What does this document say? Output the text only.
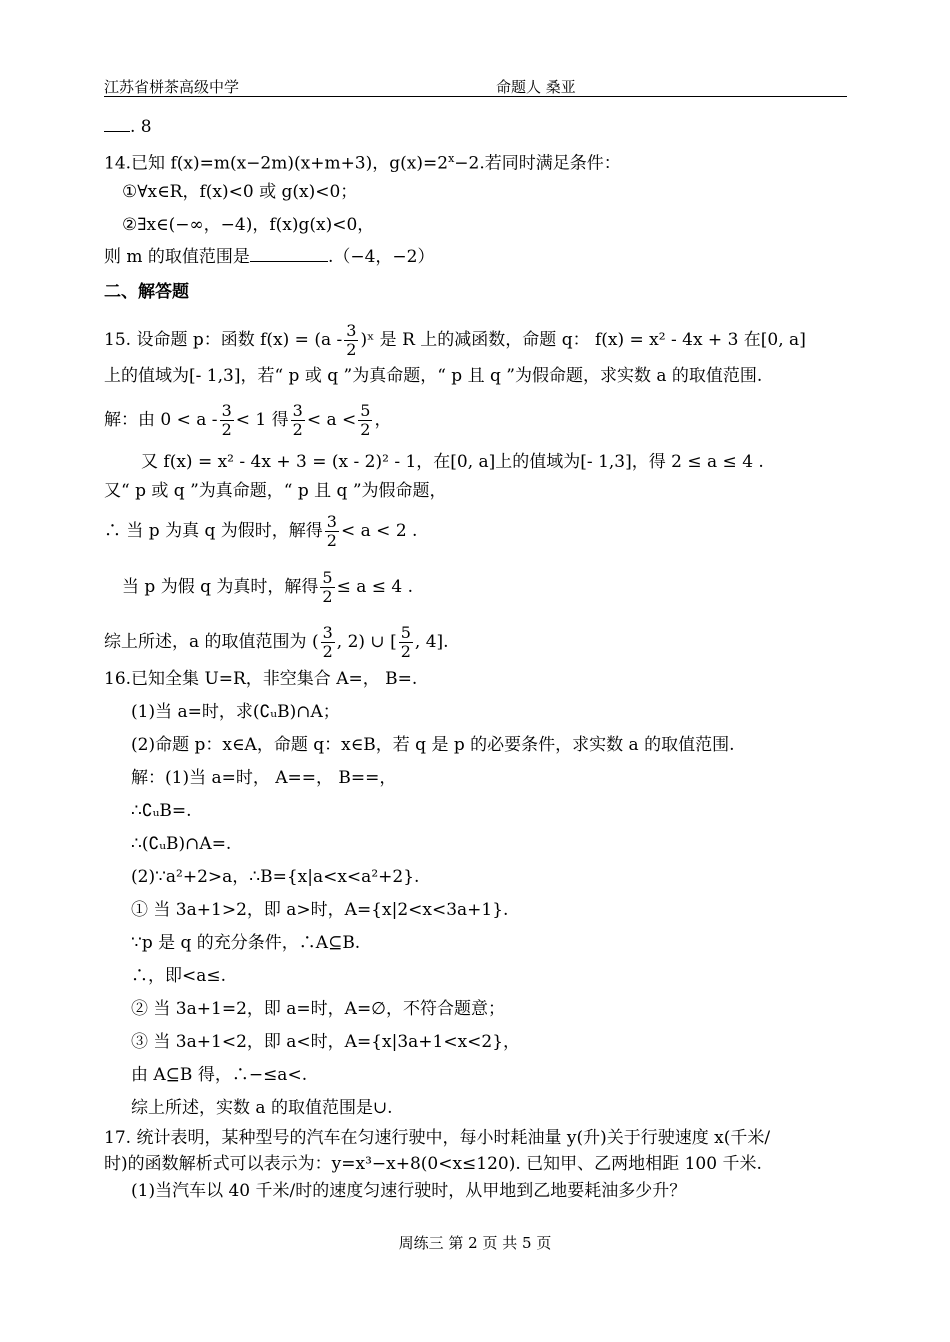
江苏省栟茶高级中学	命题人 桑亚
. 8
14.已知 f(x)=m(x−2m)(x+m+3)，$g(x)=2^x-2$.若同时满足条件：
①∀x∈R，f(x)<0 或 g(x)<0；
②∃x∈(−∞，−4)，f(x)g(x)<0，
则 m 的取值范围是	.（−4，−2）
二、解答题
15. 设命题 p：函数 $f(x) = (a - \frac{3}{2}$ )ˣ 是 R 上的减函数，命题 q： f(x) = x² - 4x + 3 在[0, a]
上的值域为[- 1,3]，若“ p 或 q ”为真命题，“ p 且 q ”为假命题，求实数 a 的取值范围.
解：由 $0 < a - \frac{3}{2} < 1$ 得 $\frac{3}{2} < a < \frac{5}{2}$ ，
又 f(x) = x² - 4x + 3 = (x - 2)² - 1，在[0, a]上的值域为[- 1,3]，得 2 ≤ a ≤ 4 .
又“ p 或 q ”为真命题，“ p 且 q ”为假命题，
∴ 当 p 为真 q 为假时，解得 $\frac{3}{2} < a < 2$ .
当 p 为假 q 为真时，解得 $\frac{5}{2} \le a \le 4$ .
综上所述，a 的取值范围为 ( $\frac{3}{2}$ , 2) ∪ [ $\frac{5}{2}$ , 4].
16.已知全集 U=R，非空集合 A=， B=.
(1)当 a=时，求(∁ᵤB)∩A；
(2)命题 p：x∈A，命题 q：x∈B，若 q 是 p 的必要条件，求实数 a 的取值范围.
解：(1)当 a=时， A==， B==，
∴∁ᵤB=.
∴(∁ᵤB)∩A=.
(2)∵a²+2>a，∴B={x|a<x<a²+2}.
① 当 3a+1>2，即 a>时，A={x|2<x<3a+1}.
∵p 是 q 的充分条件，∴A⊆B.
∴，即<a≤.
② 当 3a+1=2，即 a=时，A=∅，不符合题意；
③ 当 3a+1<2，即 a<时，A={x|3a+1<x<2}，
由 A⊆B 得，∴−≤a<.
综上所述，实数 a 的取值范围是∪.
17. 统计表明，某种型号的汽车在匀速行驶中，每小时耗油量 y(升)关于行驶速度 x(千米/
时)的函数解析式可以表示为：y=x³−x+8(0<x≤120). 已知甲、乙两地相距 100 千米.
(1)当汽车以 40 千米/时的速度匀速行驶时，从甲地到乙地要耗油多少升？
周练三 第 2 页 共 5 页
